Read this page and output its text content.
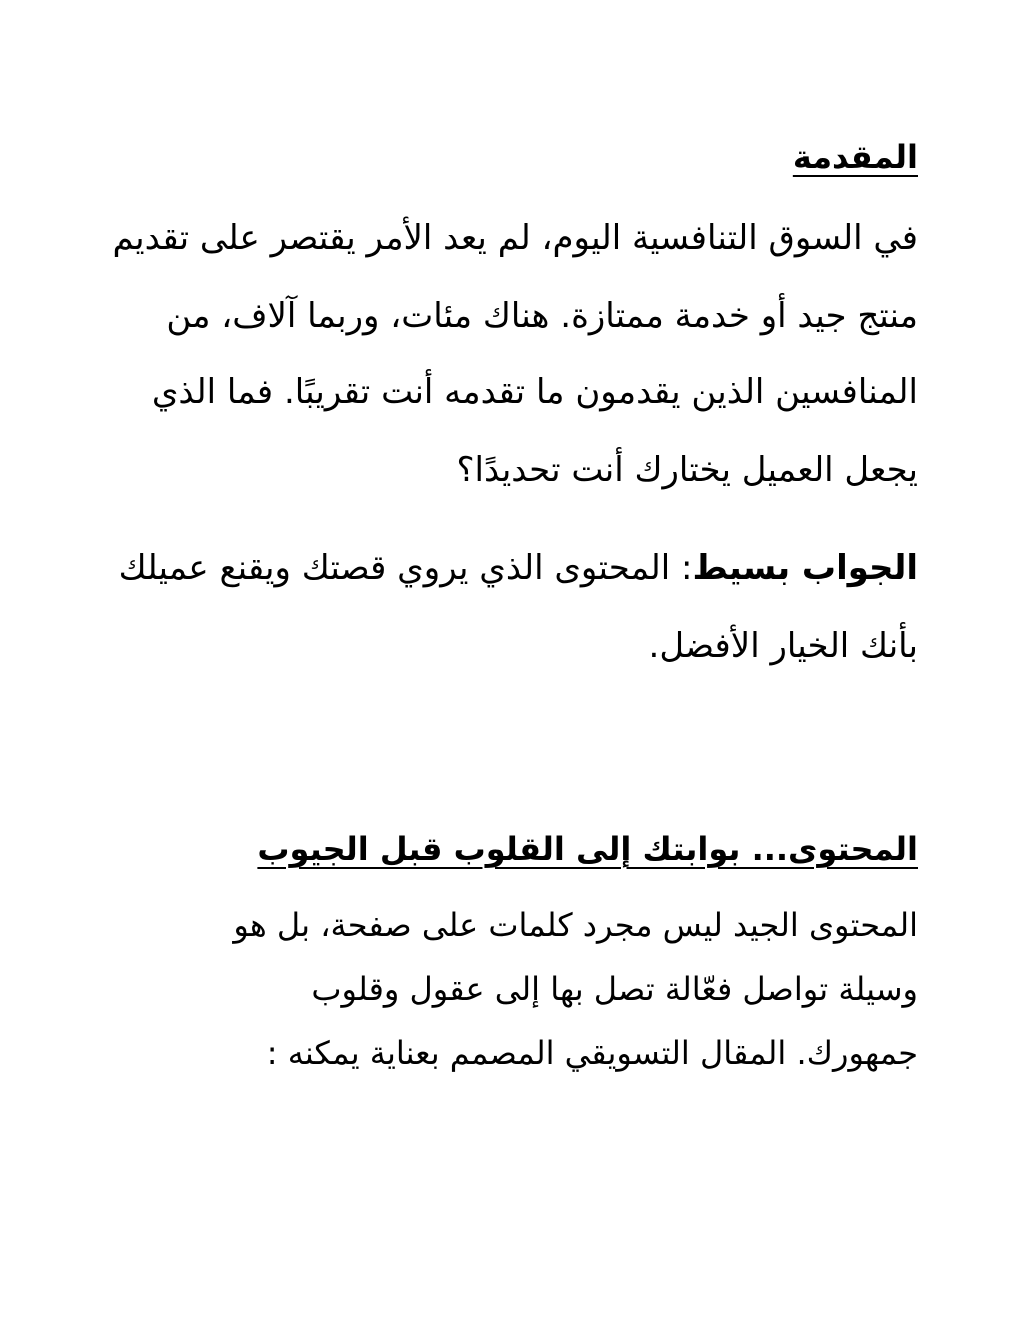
المقدمة
في السوق التنافسية اليوم، لم يعد الأمر يقتصر على تقديم
منتج جيد أو خدمة ممتازة. هناك مئات، وربما آلاف، من
المنافسين الذين يقدمون ما تقدمه أنت تقريبًا. فما الذي
يجعل العميل يختارك أنت تحديدًا؟
الجواب بسيط: المحتوى الذي يروي قصتك ويقنع عميلك
بأنك الخيار الأفضل.
المحتوى... بوابتك إلى القلوب قبل الجيوب
المحتوى الجيد ليس مجرد كلمات على صفحة، بل هو
وسيلة تواصل فعّالة تصل بها إلى عقول وقلوب
جمهورك. المقال التسويقي المصمم بعناية يمكنه :
